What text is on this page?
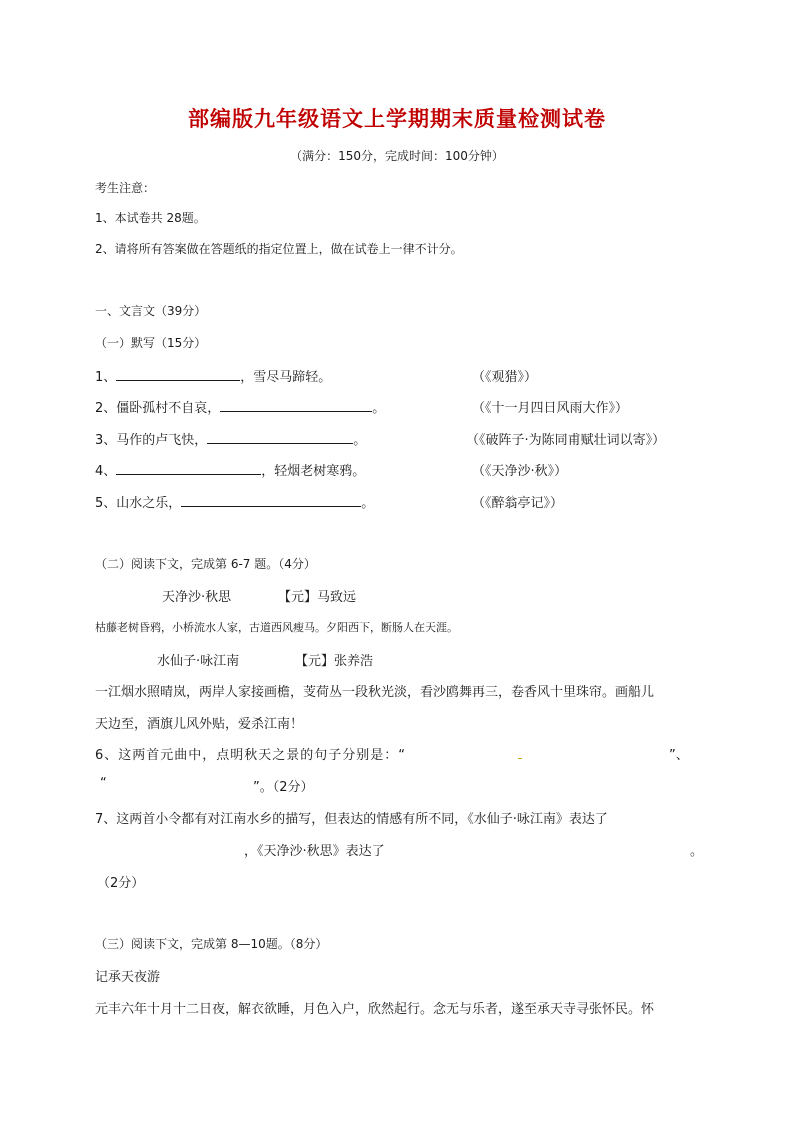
部编版九年级语文上学期期末质量检测试卷
（满分：150分，完成时间：100分钟）
考生注意：
1、本试卷共 28题。
2、请将所有答案做在答题纸的指定位置上，做在试卷上一律不计分。
一、文言文（39分）
（一）默写（15分）
1、	，雪尽马蹄轻。	（《观猎》）
2、僵卧孤村不自哀，	。	（《十一月四日风雨大作》）
3、马作的卢飞快，	。	（《破阵子·为陈同甫赋壮词以寄》）
4、	，轻烟老树寒鸦。	（《天净沙·秋》）
5、山水之乐，	。	（《醉翁亭记》）
（二）阅读下文，完成第 6-7 题。（4分）
天净沙·秋思	【元】马致远
枯藤老树昏鸦，小桥流水人家，古道西风瘦马。夕阳西下，断肠人在天涯。
水仙子·咏江南	【元】张养浩
一江烟水照晴岚，两岸人家接画檐，芰荷丛一段秋光淡，看沙鸥舞再三，卷香风十里珠帘。画船儿
天边至，酒旗儿风外贴，爱杀江南！
6、这两首元曲中，点明秋天之景的句子分别是：“	”、
“	”。（2分）
7、这两首小令都有对江南水乡的描写，但表达的情感有所不同，《水仙子·咏江南》表达了
，《天净沙·秋思》表达了	。
（2分）
（三）阅读下文，完成第 8—10题。（8分）
记承天夜游
元丰六年十月十二日夜，解衣欲睡，月色入户，欣然起行。念无与乐者，遂至承天寺寻张怀民。怀
